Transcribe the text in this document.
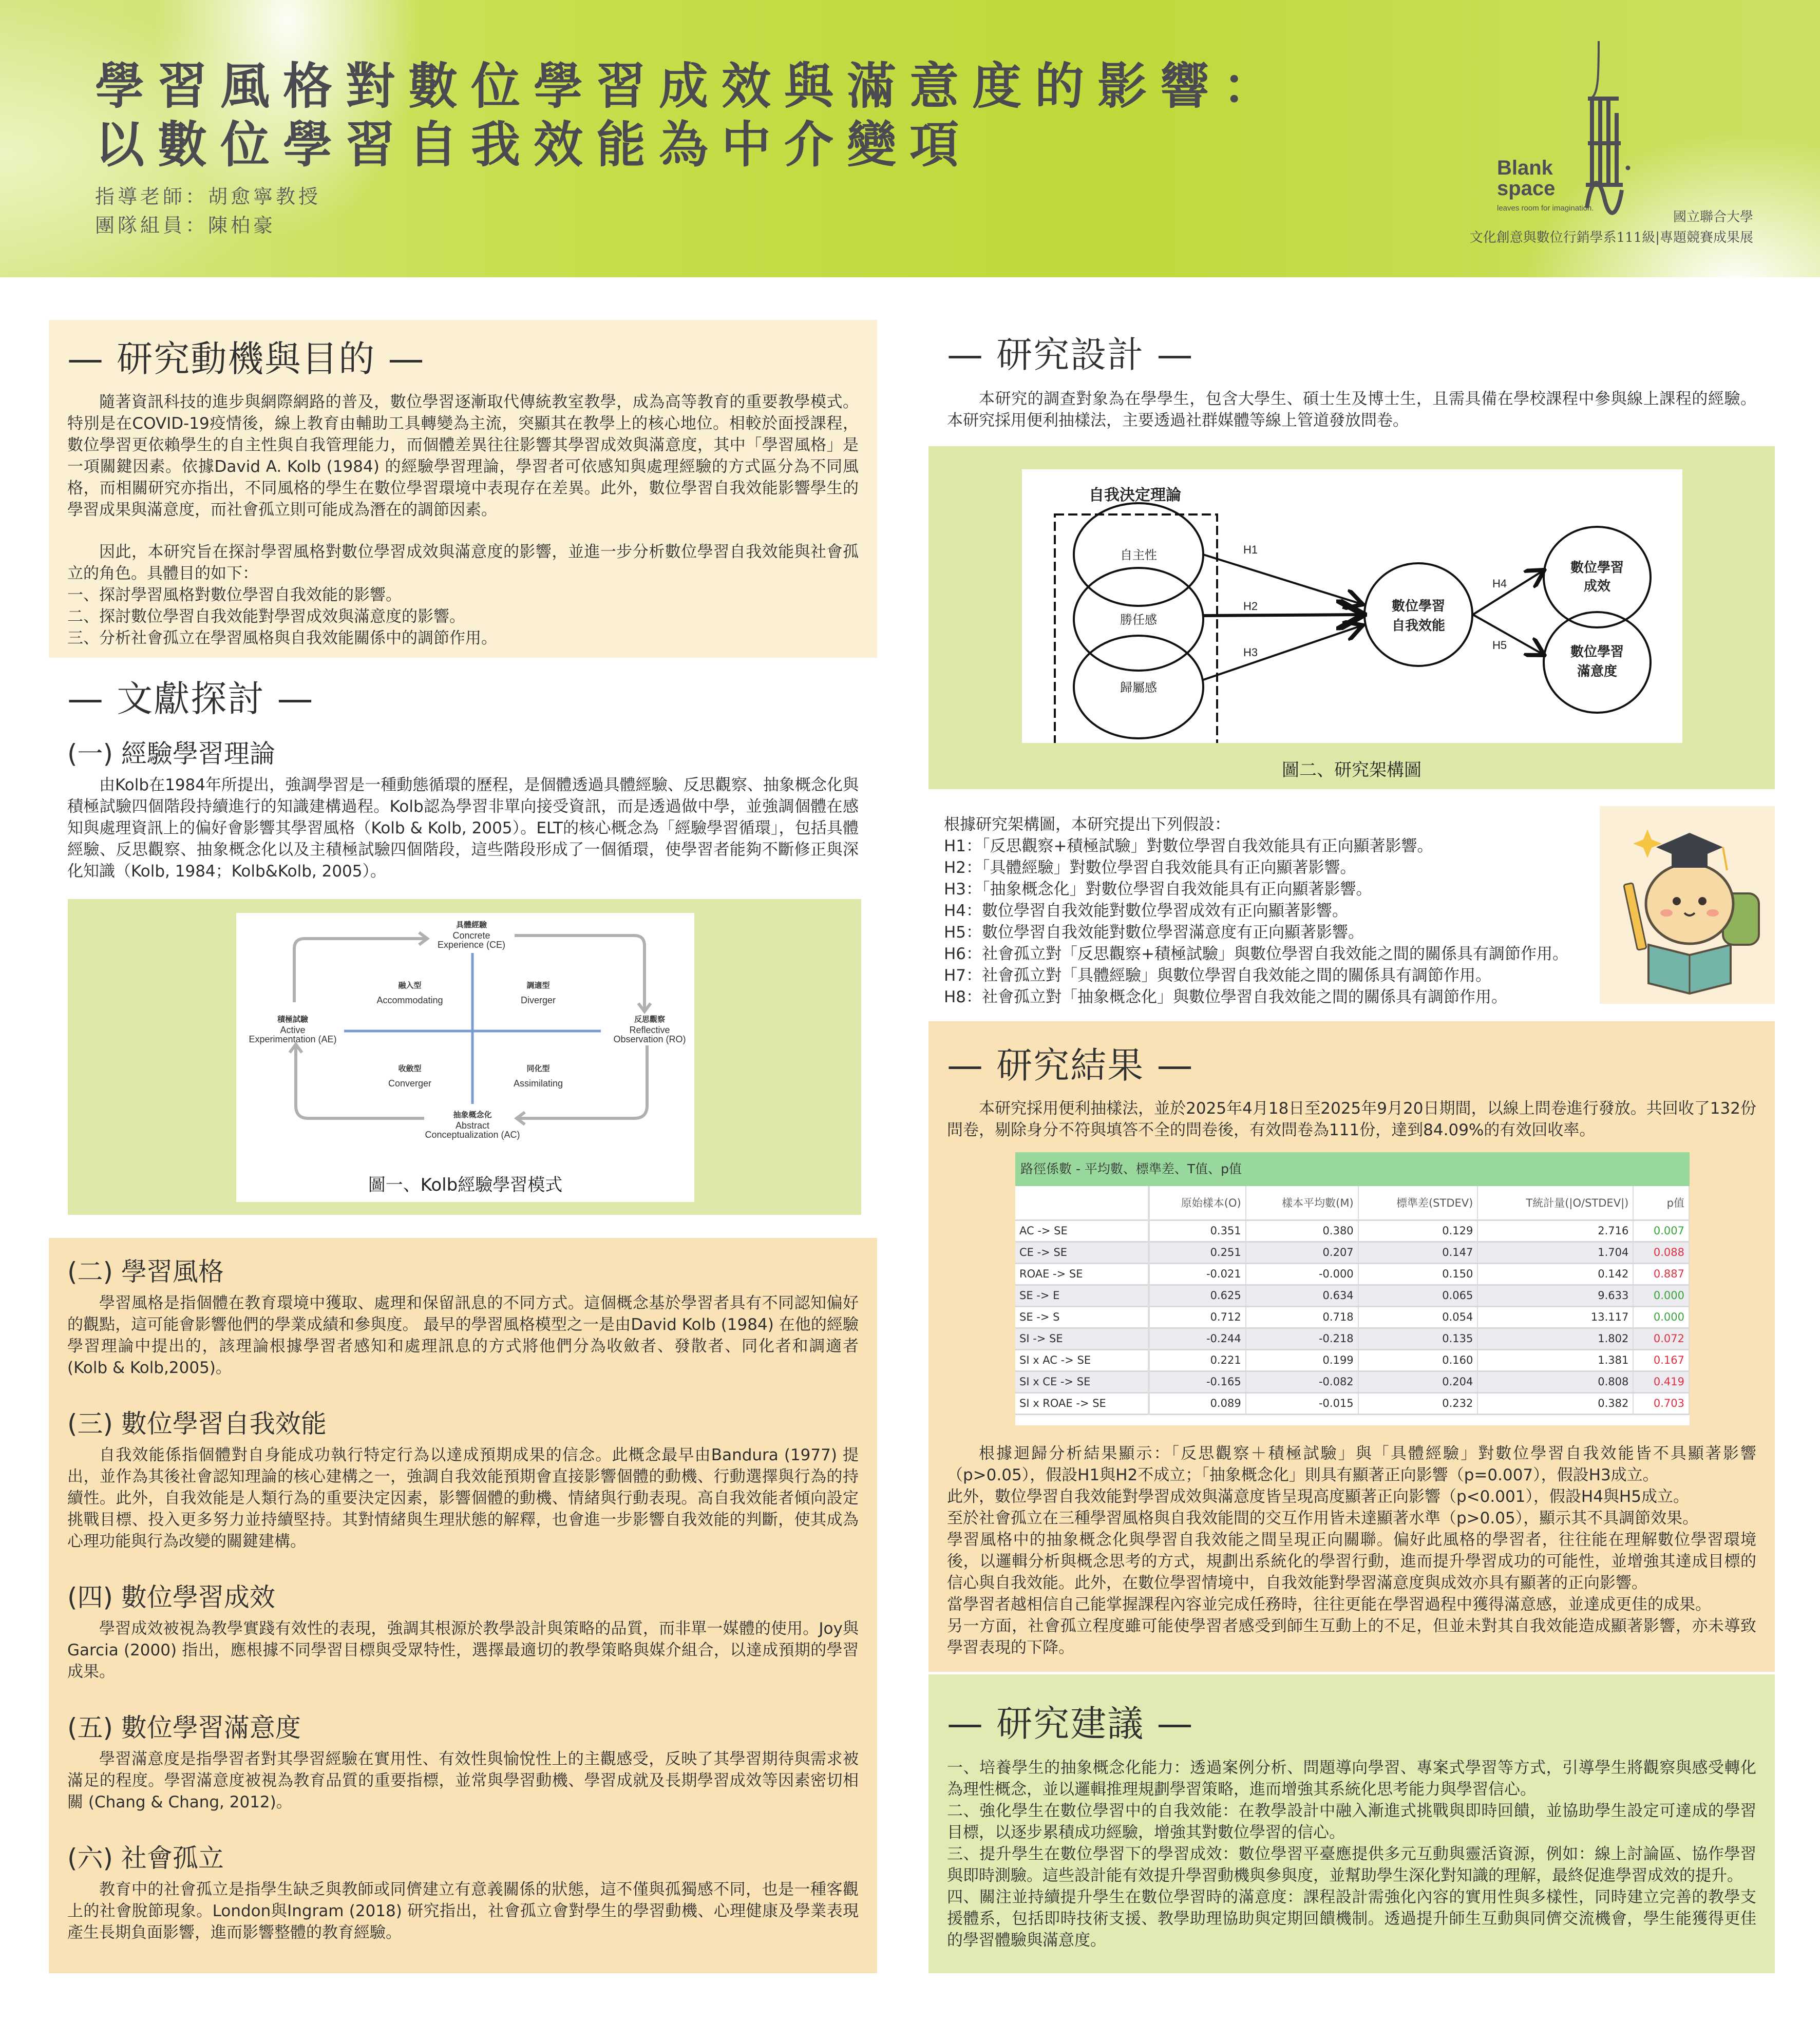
學習風格對數位學習成效與滿意度的影響：
以數位學習自我效能為中介變項
指導老師：胡愈寧教授
團隊組員：陳柏豪
Blank
space
leaves room for imagination.
國立聯合大學
文化創意與數位行銷學系111級|專題競賽成果展
— 研究動機與目的 —

隨著資訊科技的進步與網際網路的普及，數位學習逐漸取代傳統教室教學，成為高等教育的重要教學模式。特別是在COVID-19疫情後，線上教育由輔助工具轉變為主流，突顯其在教學上的核心地位。相較於面授課程，數位學習更依賴學生的自主性與自我管理能力，而個體差異往往影響其學習成效與滿意度，其中「學習風格」是一項關鍵因素。依據David A. Kolb (1984) 的經驗學習理論，學習者可依感知與處理經驗的方式區分為不同風格，而相關研究亦指出，不同風格的學生在數位學習環境中表現存在差異。此外，數位學習自我效能影響學生的學習成果與滿意度，而社會孤立則可能成為潛在的調節因素。

因此，本研究旨在探討學習風格對數位學習成效與滿意度的影響，並進一步分析數位學習自我效能與社會孤立的角色。具體目的如下：

一、探討學習風格對數位學習自我效能的影響。
二、探討數位學習自我效能對學習成效與滿意度的影響。
三、分析社會孤立在學習風格與自我效能關係中的調節作用。
— 文獻探討 —
(一) 經驗學習理論

由Kolb在1984年所提出，強調學習是一種動態循環的歷程，是個體透過具體經驗、反思觀察、抽象概念化與積極試驗四個階段持續進行的知識建構過程。Kolb認為學習非單向接受資訊，而是透過做中學，並強調個體在感知與處理資訊上的偏好會影響其學習風格（Kolb & Kolb, 2005）。ELT的核心概念為「經驗學習循環」，包括具體經驗、反思觀察、抽象概念化以及主積極試驗四個階段，這些階段形成了一個循環，使學習者能夠不斷修正與深化知識（Kolb, 1984；Kolb&Kolb, 2005）。

具體經驗
Concrete
Experience (CE)
反思觀察
Reflective
Observation (RO)
抽象概念化
Abstract
Conceptualization (AC)
積極試驗
Active
Experimentation (AE)
融入型
Accommodating
調適型
Diverger
收斂型
Converger
同化型
Assimilating
圖一、Kolb經驗學習模式
(二) 學習風格

學習風格是指個體在教育環境中獲取、處理和保留訊息的不同方式。這個概念基於學習者具有不同認知偏好的觀點，這可能會影響他們的學業成績和參與度。 最早的學習風格模型之一是由David Kolb (1984) 在他的經驗學習理論中提出的，該理論根據學習者感知和處理訊息的方式將他們分為收斂者、發散者、同化者和調適者 (Kolb & Kolb,2005)。

(三) 數位學習自我效能

自我效能係指個體對自身能成功執行特定行為以達成預期成果的信念。此概念最早由Bandura (1977) 提出，並作為其後社會認知理論的核心建構之一，強調自我效能預期會直接影響個體的動機、行動選擇與行為的持續性。此外，自我效能是人類行為的重要決定因素，影響個體的動機、情緒與行動表現。高自我效能者傾向設定挑戰目標、投入更多努力並持續堅持。其對情緒與生理狀態的解釋，也會進一步影響自我效能的判斷，使其成為心理功能與行為改變的關鍵建構。

(四) 數位學習成效

學習成效被視為教學實踐有效性的表現，強調其根源於教學設計與策略的品質，而非單一媒體的使用。Joy與Garcia (2000) 指出，應根據不同學習目標與受眾特性，選擇最適切的教學策略與媒介組合，以達成預期的學習成果。

(五) 數位學習滿意度

學習滿意度是指學習者對其學習經驗在實用性、有效性與愉悅性上的主觀感受，反映了其學習期待與需求被滿足的程度。學習滿意度被視為教育品質的重要指標，並常與學習動機、學習成就及長期學習成效等因素密切相關 (Chang & Chang, 2012)。

(六) 社會孤立

教育中的社會孤立是指學生缺乏與教師或同儕建立有意義關係的狀態，這不僅與孤獨感不同，也是一種客觀上的社會脫節現象。London與Ingram (2018) 研究指出，社會孤立會對學生的學習動機、心理健康及學業表現產生長期負面影響，進而影響整體的教育經驗。

— 研究設計 —

本研究的調查對象為在學學生，包含大學生、碩士生及博士生，且需具備在學校課程中參與線上課程的經驗。本研究採用便利抽樣法，主要透過社群媒體等線上管道發放問卷。

自我決定理論
自主性
勝任感
歸屬感
數位學習
自我效能
數位學習
成效
數位學習
滿意度
H1
H2
H3
H4
H5
圖二、研究架構圖
根據研究架構圖，本研究提出下列假設：
H1：「反思觀察+積極試驗」對數位學習自我效能具有正向顯著影響。
H2：「具體經驗」對數位學習自我效能具有正向顯著影響。
H3：「抽象概念化」對數位學習自我效能具有正向顯著影響。
H4：數位學習自我效能對數位學習成效有正向顯著影響。
H5：數位學習自我效能對數位學習滿意度有正向顯著影響。
H6：社會孤立對「反思觀察+積極試驗」與數位學習自我效能之間的關係具有調節作用。
H7：社會孤立對「具體經驗」與數位學習自我效能之間的關係具有調節作用。
H8：社會孤立對「抽象概念化」與數位學習自我效能之間的關係具有調節作用。
— 研究結果 —

本研究採用便利抽樣法，並於2025年4月18日至2025年9月20日期間，以線上問卷進行發放。共回收了132份問卷，剔除身分不符與填答不全的問卷後，有效問卷為111份，達到84.09%的有效回收率。

路徑係數 - 平均數、標準差、T值、p值
	原始樣本(O)	樣本平均數(M)	標準差(STDEV)	T統計量(|O/STDEV|)	p值
AC -> SE	0.351	0.380	0.129	2.716	0.007
CE -> SE	0.251	0.207	0.147	1.704	0.088
ROAE -> SE	-0.021	-0.000	0.150	0.142	0.887
SE -> E	0.625	0.634	0.065	9.633	0.000
SE -> S	0.712	0.718	0.054	13.117	0.000
SI -> SE	-0.244	-0.218	0.135	1.802	0.072
SI x AC -> SE	0.221	0.199	0.160	1.381	0.167
SI x CE -> SE	-0.165	-0.082	0.204	0.808	0.419
SI x ROAE -> SE	0.089	-0.015	0.232	0.382	0.703

根據迴歸分析結果顯示：「反思觀察＋積極試驗」與「具體經驗」對數位學習自我效能皆不具顯著影響（p>0.05），假設H1與H2不成立；「抽象概念化」則具有顯著正向影響（p=0.007），假設H3成立。

此外，數位學習自我效能對學習成效與滿意度皆呈現高度顯著正向影響（p<0.001），假設H4與H5成立。

至於社會孤立在三種學習風格與自我效能間的交互作用皆未達顯著水準（p>0.05），顯示其不具調節效果。

學習風格中的抽象概念化與學習自我效能之間呈現正向關聯。偏好此風格的學習者，往往能在理解數位學習環境後，以邏輯分析與概念思考的方式，規劃出系統化的學習行動，進而提升學習成功的可能性，並增強其達成目標的信心與自我效能。此外，在數位學習情境中，自我效能對學習滿意度與成效亦具有顯著的正向影響。

當學習者越相信自己能掌握課程內容並完成任務時，往往更能在學習過程中獲得滿意感，並達成更佳的成果。

另一方面，社會孤立程度雖可能使學習者感受到師生互動上的不足，但並未對其自我效能造成顯著影響，亦未導致學習表現的下降。

— 研究建議 —

一、培養學生的抽象概念化能力：透過案例分析、問題導向學習、專案式學習等方式，引導學生將觀察與感受轉化為理性概念，並以邏輯推理規劃學習策略，進而增強其系統化思考能力與學習信心。

二、強化學生在數位學習中的自我效能：在教學設計中融入漸進式挑戰與即時回饋，並協助學生設定可達成的學習目標，以逐步累積成功經驗，增強其對數位學習的信心。

三、提升學生在數位學習下的學習成效：數位學習平臺應提供多元互動與靈活資源，例如：線上討論區、協作學習與即時測驗。這些設計能有效提升學習動機與參與度，並幫助學生深化對知識的理解，最終促進學習成效的提升。

四、關注並持續提升學生在數位學習時的滿意度：課程設計需強化內容的實用性與多樣性，同時建立完善的教學支援體系，包括即時技術支援、教學助理協助與定期回饋機制。透過提升師生互動與同儕交流機會，學生能獲得更佳的學習體驗與滿意度。
